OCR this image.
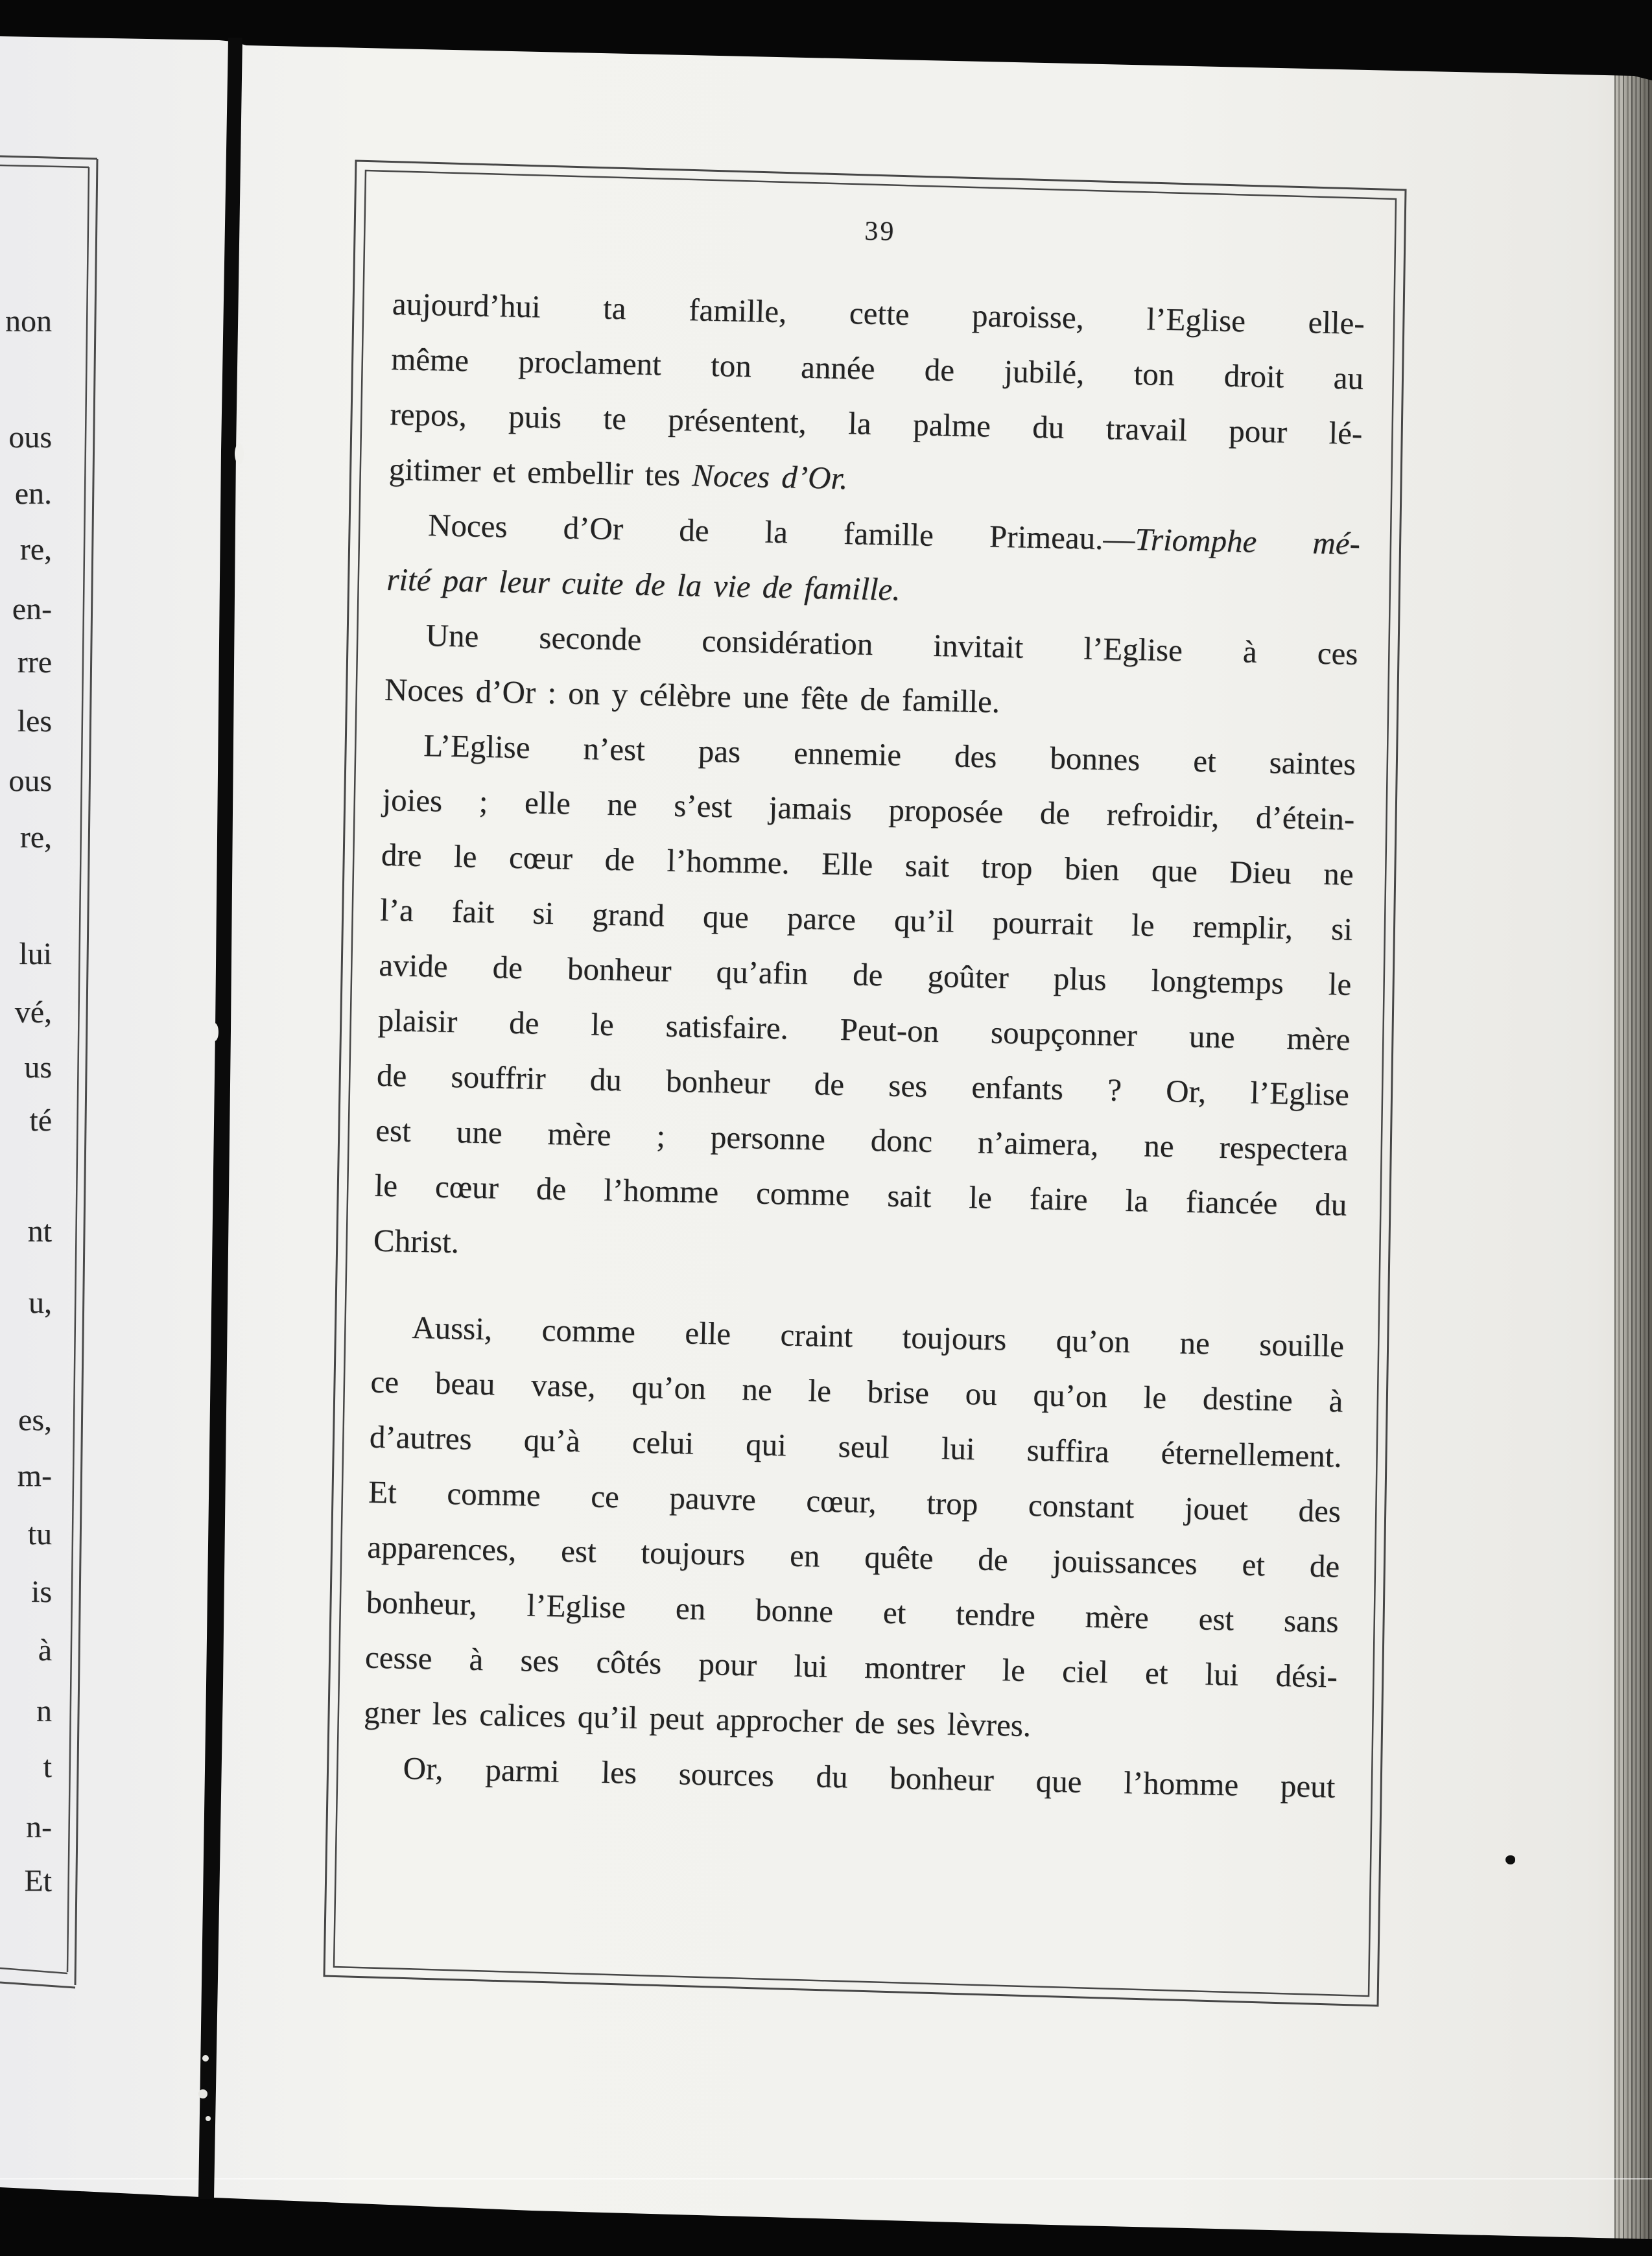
non
ous
en.
re,
en-
rre
les
ous
re,
lui
vé,
us
té
nt
u,
es,
m-
tu
is
à
n
t
n-
Et
39
aujourd’hui ta famille, cette paroisse, l’Eglise elle-
même proclament ton année de jubilé, ton droit au
repos, puis te présentent, la palme du travail pour lé-
gitimer et embellir tes Noces d’Or.
Noces d’Or de la famille Primeau.—Triomphe mé-
rité par leur cuite de la vie de famille.
Une seconde considération invitait l’Eglise à ces
Noces d’Or : on y célèbre une fête de famille.
L’Eglise n’est pas ennemie des bonnes et saintes
joies ; elle ne s’est jamais proposée de refroidir, d’étein-
dre le cœur de l’homme. Elle sait trop bien que Dieu ne
l’a fait si grand que parce qu’il pourrait le remplir, si
avide de bonheur qu’afin de goûter plus longtemps le
plaisir de le satisfaire. Peut-on soupçonner une mère
de souffrir du bonheur de ses enfants ? Or, l’Eglise
est une mère ; personne donc n’aimera, ne respectera
le cœur de l’homme comme sait le faire la fiancée du
Christ.
Aussi, comme elle craint toujours qu’on ne souille
ce beau vase, qu’on ne le brise ou qu’on le destine à
d’autres qu’à celui qui seul lui suffira éternellement.
Et comme ce pauvre cœur, trop constant jouet des
apparences, est toujours en quête de jouissances et de
bonheur, l’Eglise en bonne et tendre mère est sans
cesse à ses côtés pour lui montrer le ciel et lui dési-
gner les calices qu’il peut approcher de ses lèvres.
Or, parmi les sources du bonheur que l’homme peut
